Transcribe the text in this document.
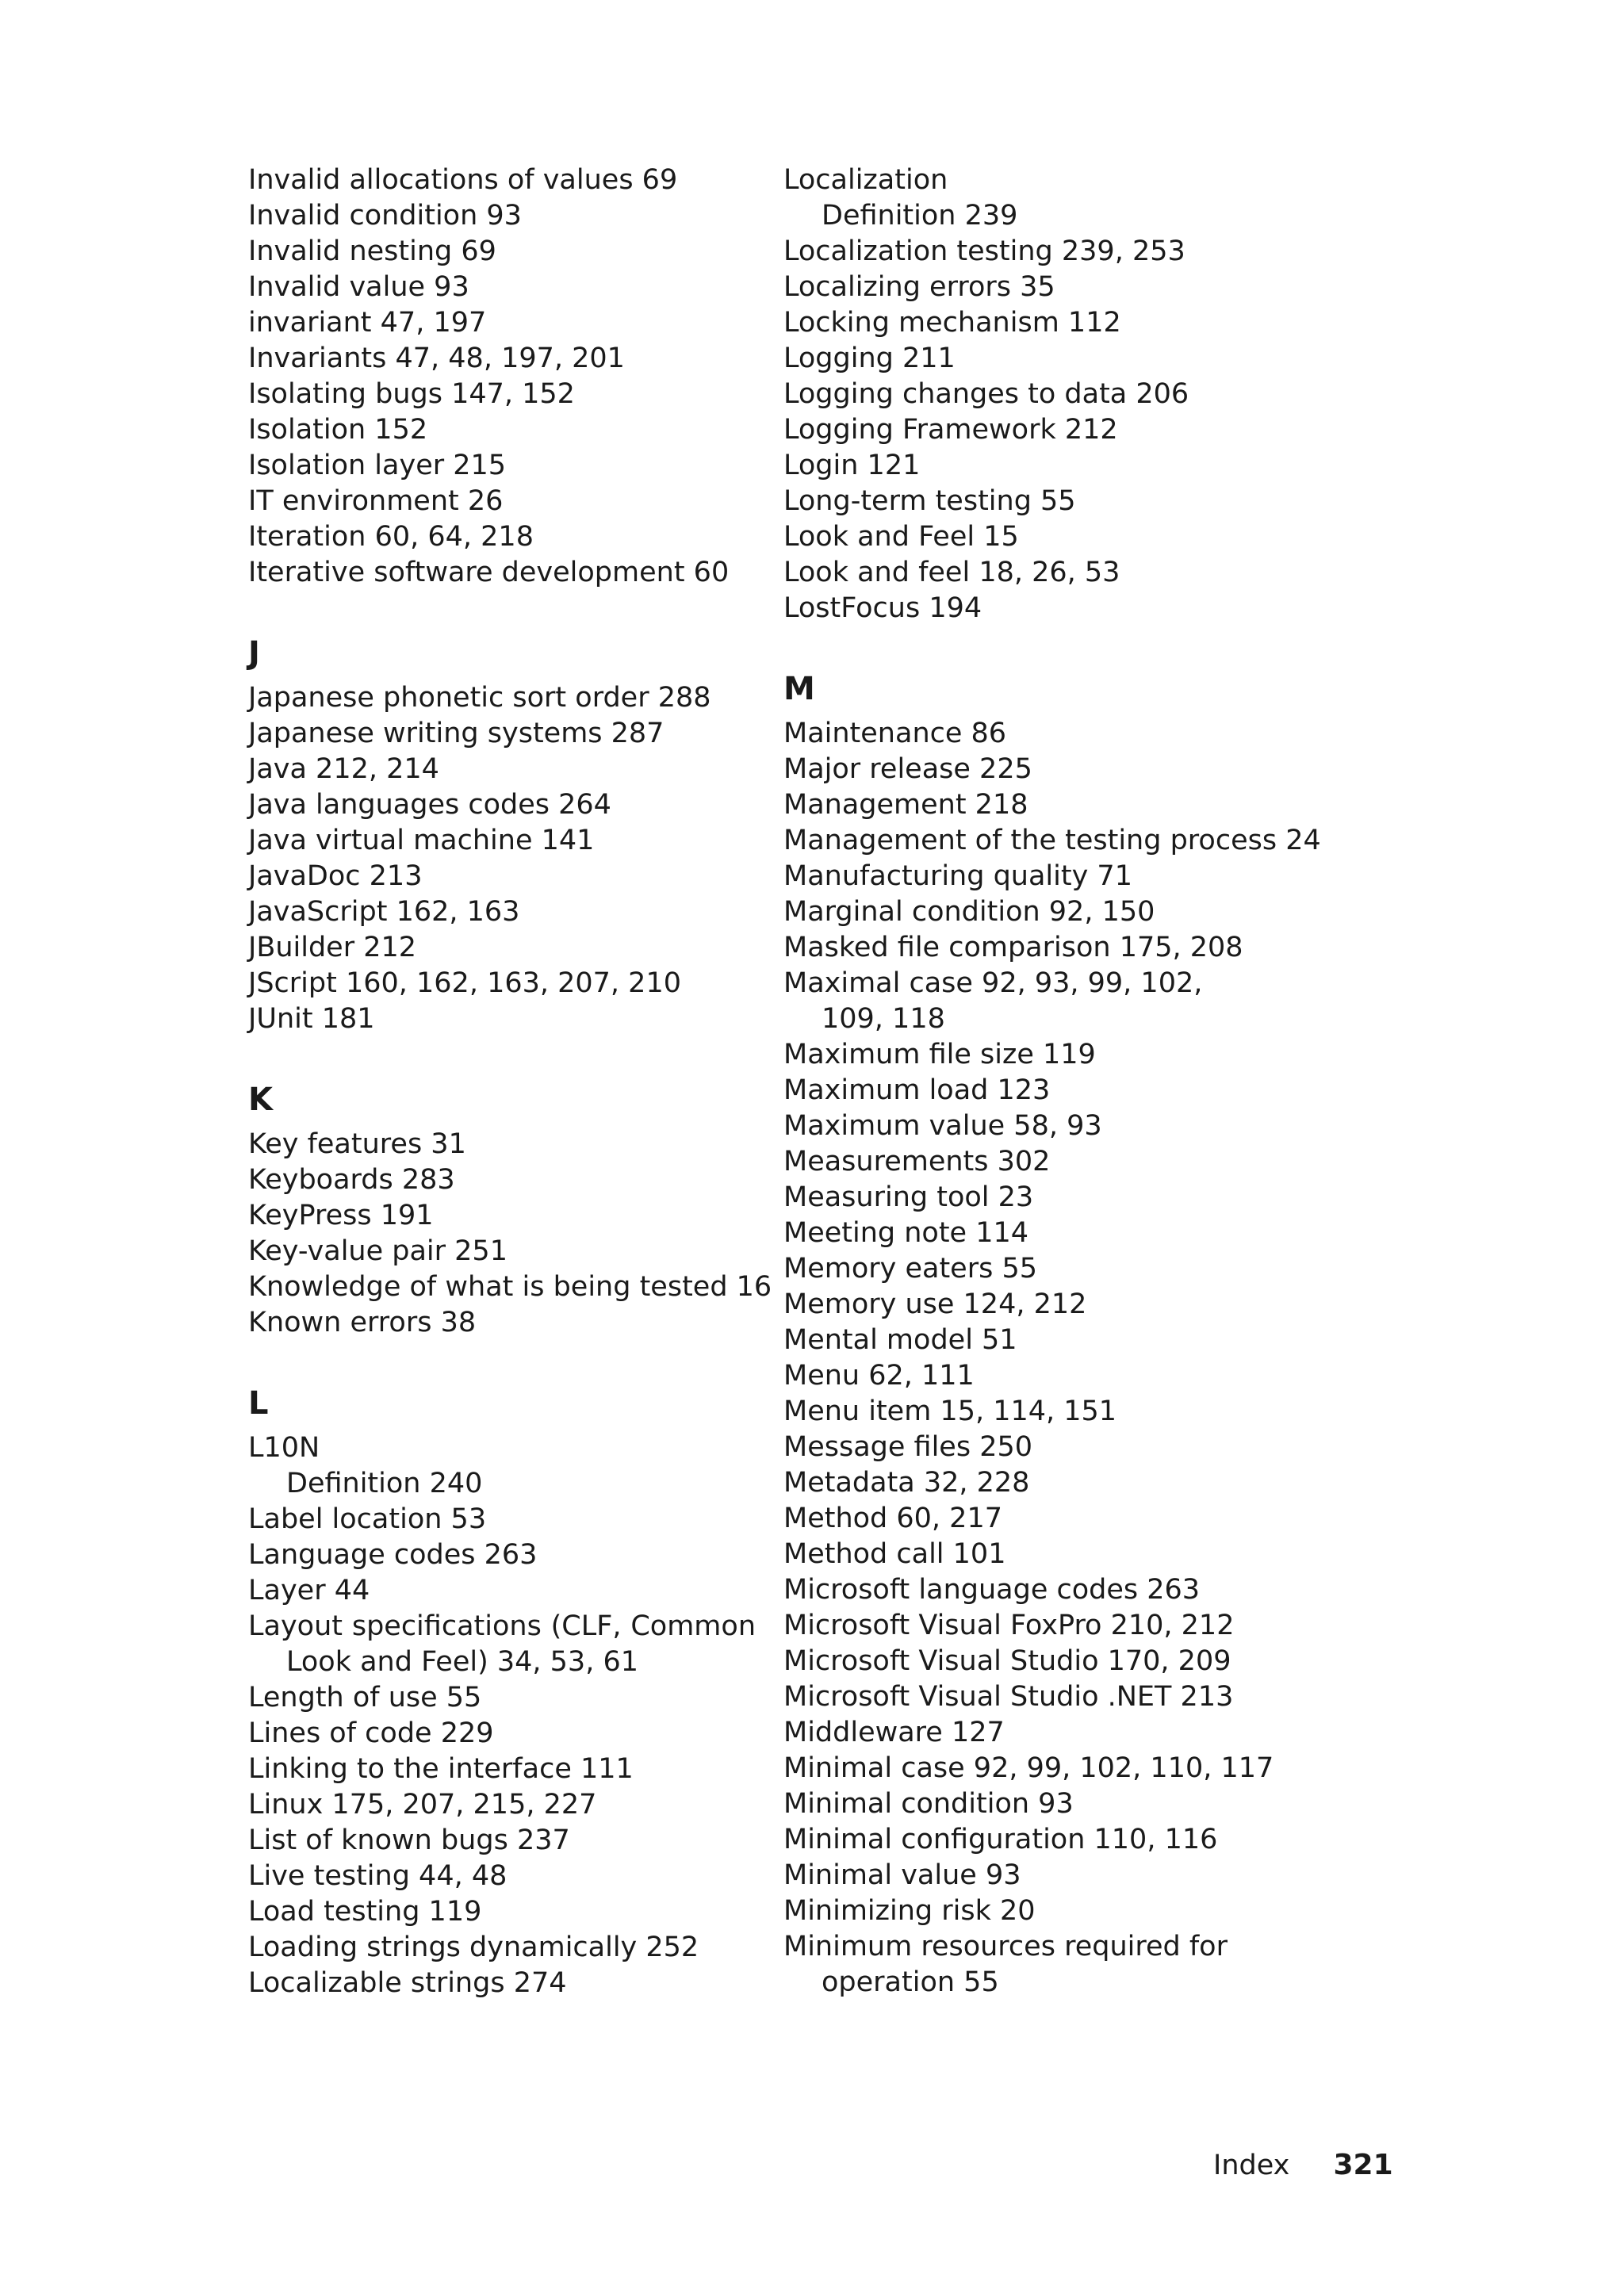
Invalid allocations of values 69
Invalid condition 93
Invalid nesting 69
Invalid value 93
invariant 47, 197
Invariants 47, 48, 197, 201
Isolating bugs 147, 152
Isolation 152
Isolation layer 215
IT environment 26
Iteration 60, 64, 218
Iterative software development 60
J
Japanese phonetic sort order 288
Japanese writing systems 287
Java 212, 214
Java languages codes 264
Java virtual machine 141
JavaDoc 213
JavaScript 162, 163
JBuilder 212
JScript 160, 162, 163, 207, 210
JUnit 181
K
Key features 31
Keyboards 283
KeyPress 191
Key-value pair 251
Knowledge of what is being tested 16
Known errors 38
L
L10N
Definition 240
Label location 53
Language codes 263
Layer 44
Layout specifications (CLF, Common Look and Feel) 34, 53, 61
Length of use 55
Lines of code 229
Linking to the interface 111
Linux 175, 207, 215, 227
List of known bugs 237
Live testing 44, 48
Load testing 119
Loading strings dynamically 252
Localizable strings 274
Localization
Definition 239
Localization testing 239, 253
Localizing errors 35
Locking mechanism 112
Logging 211
Logging changes to data 206
Logging Framework 212
Login 121
Long-term testing 55
Look and Feel 15
Look and feel 18, 26, 53
LostFocus 194
M
Maintenance 86
Major release 225
Management 218
Management of the testing process 24
Manufacturing quality 71
Marginal condition 92, 150
Masked file comparison 175, 208
Maximal case 92, 93, 99, 102,
109, 118
Maximum file size 119
Maximum load 123
Maximum value 58, 93
Measurements 302
Measuring tool 23
Meeting note 114
Memory eaters 55
Memory use 124, 212
Mental model 51
Menu 62, 111
Menu item 15, 114, 151
Message files 250
Metadata 32, 228
Method 60, 217
Method call 101
Microsoft language codes 263
Microsoft Visual FoxPro 210, 212
Microsoft Visual Studio 170, 209
Microsoft Visual Studio .NET 213
Middleware 127
Minimal case 92, 99, 102, 110, 117
Minimal condition 93
Minimal configuration 110, 116
Minimal value 93
Minimizing risk 20
Minimum resources required for
operation 55
Index 321
